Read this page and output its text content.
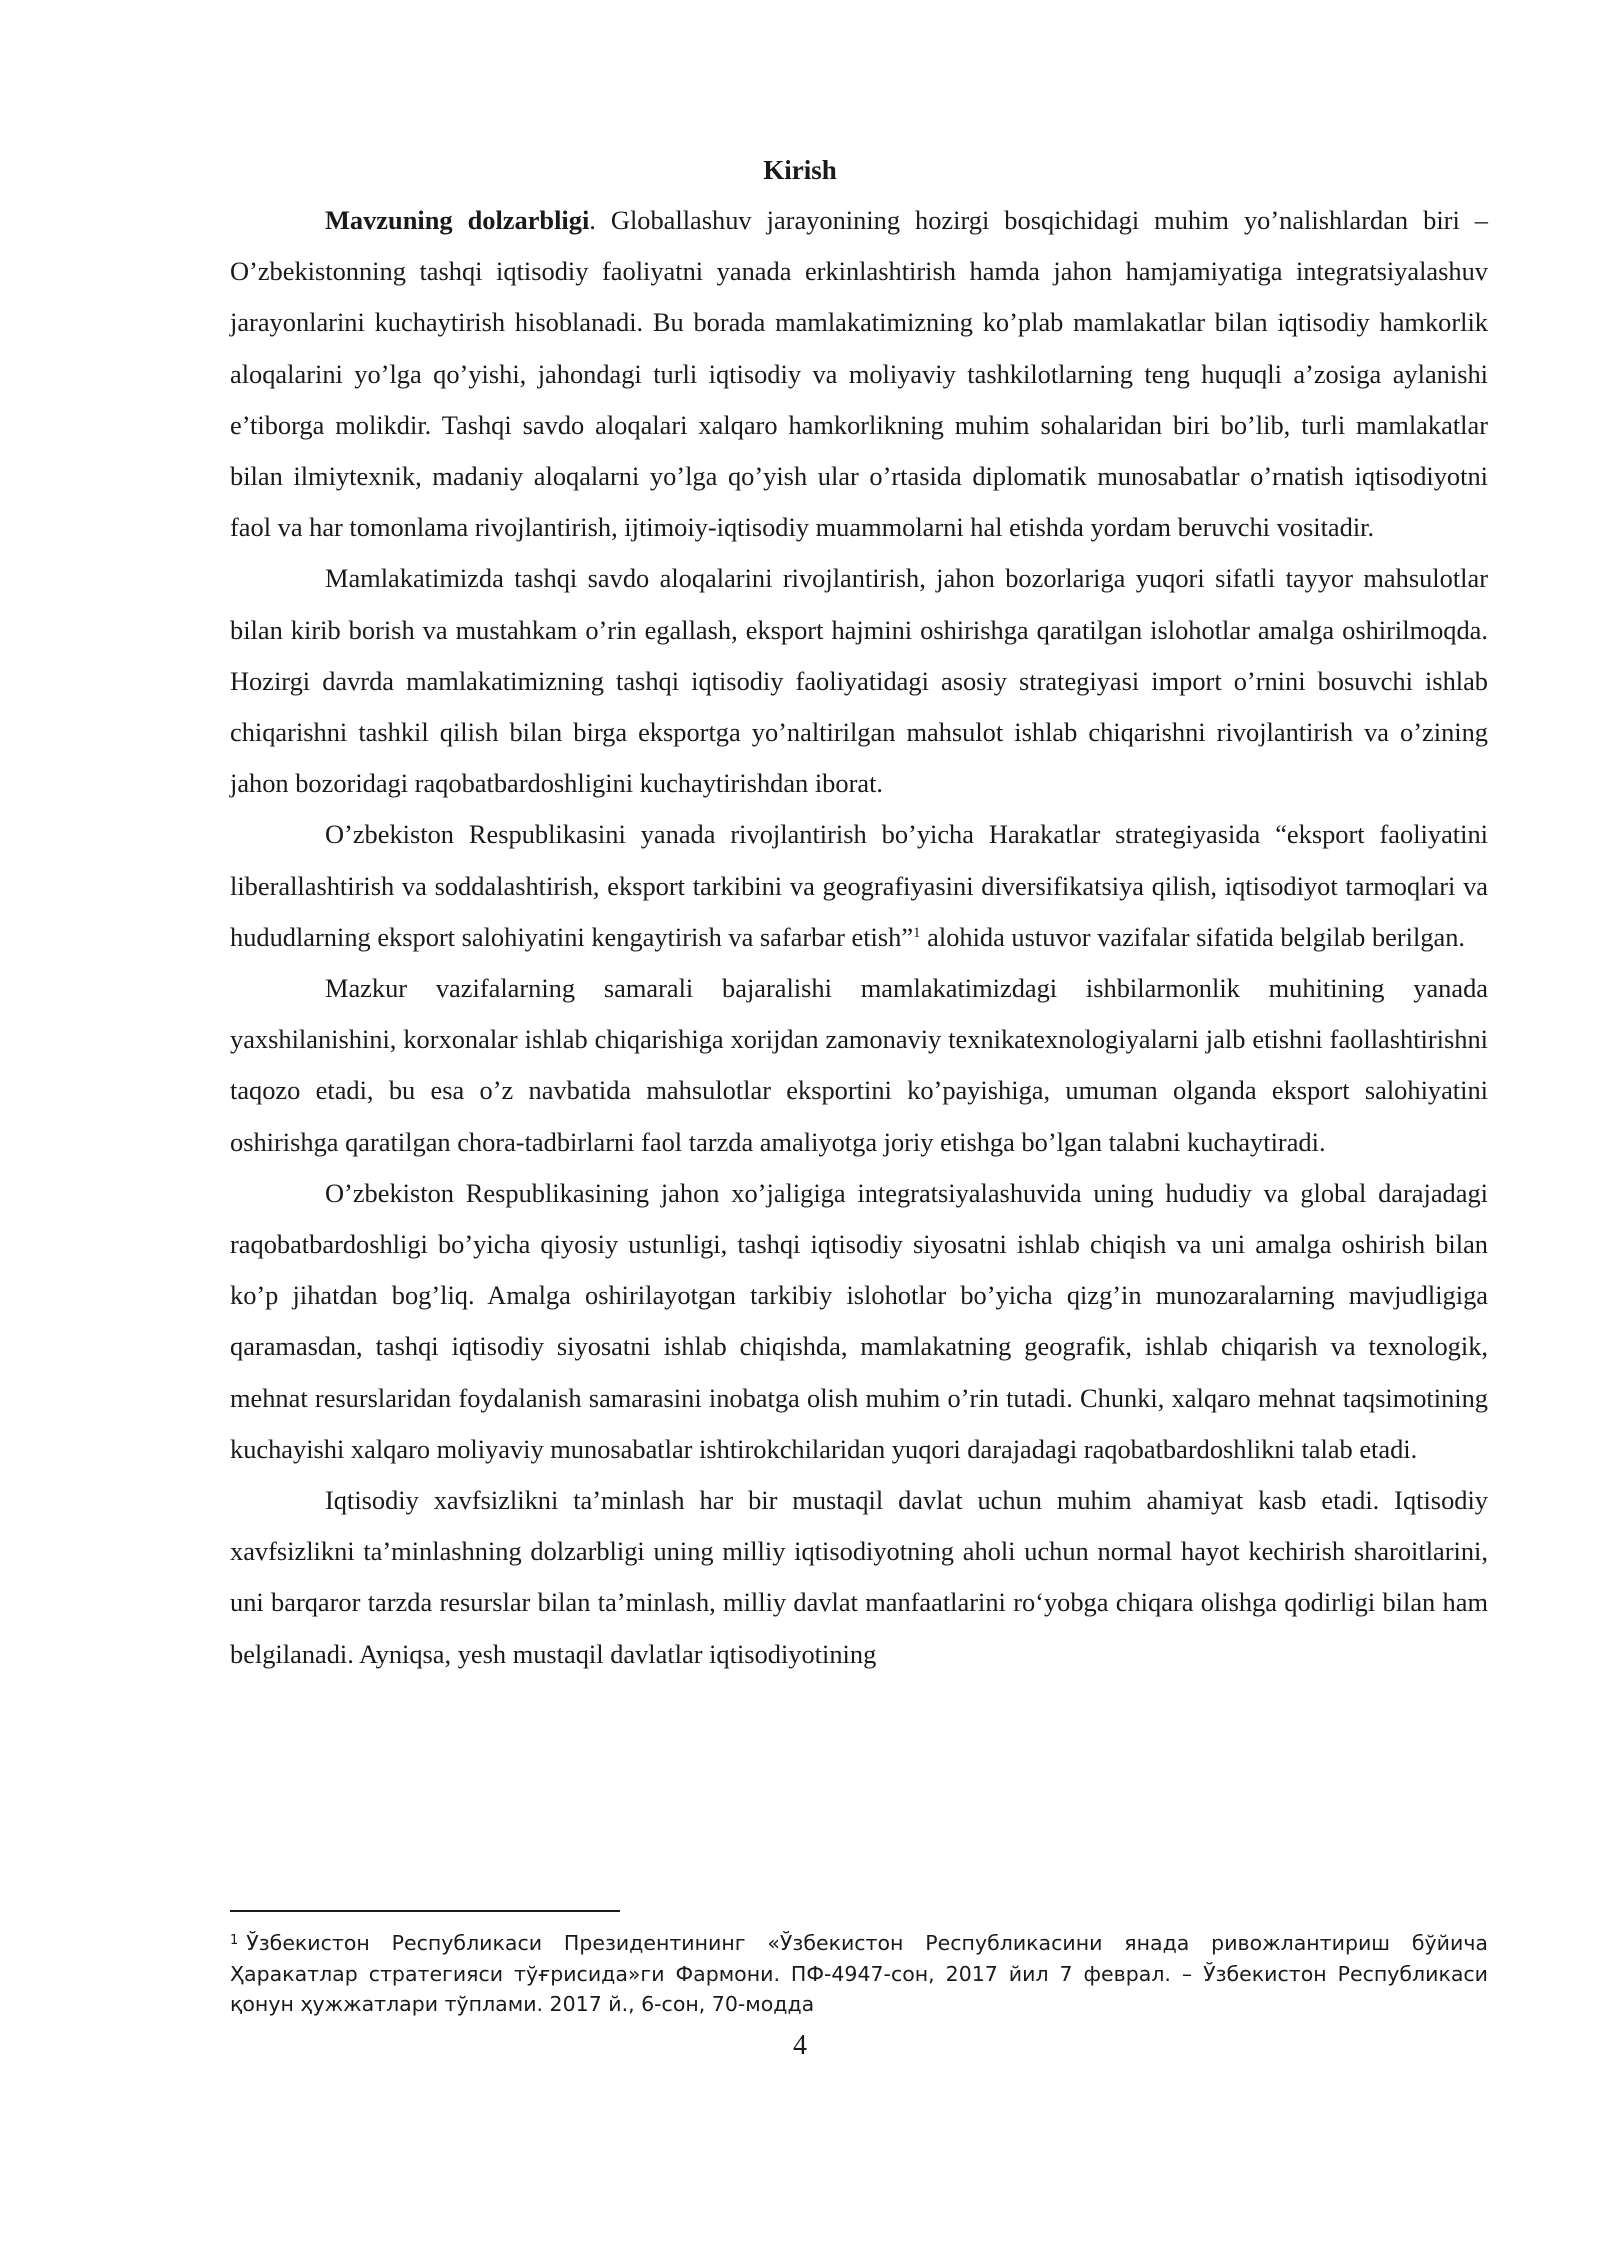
Kirish

Mavzuning dolzarbligi. Globallashuv jarayonining hozirgi bosqichidagi muhim yo’nalishlardan biri – O’zbekistonning tashqi iqtisodiy faoliyatni yanada erkinlashtirish hamda jahon hamjamiyatiga integratsiyalashuv jarayonlarini kuchaytirish hisoblanadi. Bu borada mamlakatimizning ko’plab mamlakatlar bilan iqtisodiy hamkorlik aloqalarini yo’lga qo’yishi, jahondagi turli iqtisodiy va moliyaviy tashkilotlarning teng huquqli a’zosiga aylanishi e’tiborga molikdir. Tashqi savdo aloqalari xalqaro hamkorlikning muhim sohalaridan biri bo’lib, turli mamlakatlar bilan ilmiytexnik, madaniy aloqalarni yo’lga qo’yish ular o’rtasida diplomatik munosabatlar o’rnatish iqtisodiyotni faol va har tomonlama rivojlantirish, ijtimoiy-iqtisodiy muammolarni hal etishda yordam beruvchi vositadir.

Mamlakatimizda tashqi savdo aloqalarini rivojlantirish, jahon bozorlariga yuqori sifatli tayyor mahsulotlar bilan kirib borish va mustahkam o’rin egallash, eksport hajmini oshirishga qaratilgan islohotlar amalga oshirilmoqda. Hozirgi davrda mamlakatimizning tashqi iqtisodiy faoliyatidagi asosiy strategiyasi import o’rnini bosuvchi ishlab chiqarishni tashkil qilish bilan birga eksportga yo’naltirilgan mahsulot ishlab chiqarishni rivojlantirish va o’zining jahon bozoridagi raqobatbardoshligini kuchaytirishdan iborat.

O’zbekiston Respublikasini yanada rivojlantirish bo’yicha Harakatlar strategiyasida “eksport faoliyatini liberallashtirish va soddalashtirish, eksport tarkibini va geografiyasini diversifikatsiya qilish, iqtisodiyot tarmoqlari va hududlarning eksport salohiyatini kengaytirish va safarbar etish”$^1$ alohida ustuvor vazifalar sifatida belgilab berilgan.

Mazkur vazifalarning samarali bajaralishi mamlakatimizdagi ishbilarmonlik muhitining yanada yaxshilanishini, korxonalar ishlab chiqarishiga xorijdan zamonaviy texnikatexnologiyalarni jalb etishni faollashtirishni taqozo etadi, bu esa o’z navbatida mahsulotlar eksportini ko’payishiga, umuman olganda eksport salohiyatini oshirishga qaratilgan chora-tadbirlarni faol tarzda amaliyotga joriy etishga bo’lgan talabni kuchaytiradi.

O’zbekiston Respublikasining jahon xo’jaligiga integratsiyalashuvida uning hududiy va global darajadagi raqobatbardoshligi bo’yicha qiyosiy ustunligi, tashqi iqtisodiy siyosatni ishlab chiqish va uni amalga oshirish bilan ko’p jihatdan bog’liq. Amalga oshirilayotgan tarkibiy islohotlar bo’yicha qizg’in munozaralarning mavjudligiga qaramasdan, tashqi iqtisodiy siyosatni ishlab chiqishda, mamlakatning geografik, ishlab chiqarish va texnologik, mehnat resurslaridan foydalanish samarasini inobatga olish muhim o’rin tutadi. Chunki, xalqaro mehnat taqsimotining kuchayishi xalqaro moliyaviy munosabatlar ishtirokchilaridan yuqori darajadagi raqobatbardoshlikni talab etadi.

Iqtisodiy xavfsizlikni ta’minlash har bir mustaqil davlat uchun muhim ahamiyat kasb etadi. Iqtisodiy xavfsizlikni ta’minlashning dolzarbligi uning milliy iqtisodiyotning aholi uchun normal hayot kechirish sharoitlarini, uni barqaror tarzda resurslar bilan ta’minlash, milliy davlat manfaatlarini ro‘yobga chiqara olishga qodirligi bilan ham belgilanadi. Ayniqsa, yesh mustaqil davlatlar iqtisodiyotining

$^1$ Ўзбекистон Республикаси Президентининг «Ўзбекистон Республикасини янада ривожлантириш бўйича Ҳаракатлар стратегияси тўғрисида»ги Фармони. ПФ-4947-сон, 2017 йил 7 феврал. – Ўзбекистон Республикаси қонун ҳужжатлари тўплами. 2017 й., 6-сон, 70-модда
4
